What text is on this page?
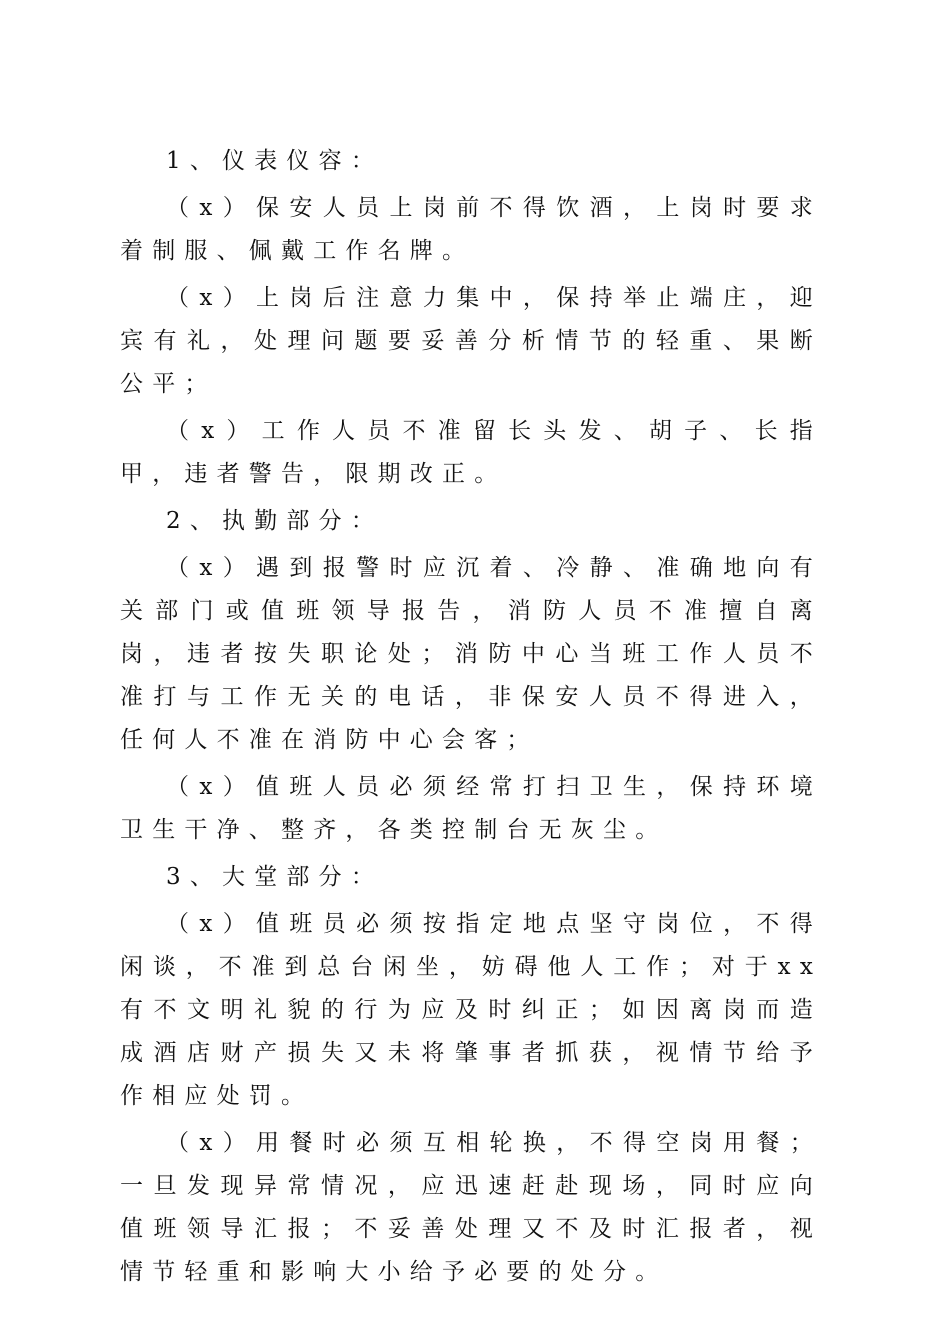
1、仪表仪容：

（x）保安人员上岗前不得饮酒，上岗时要求着制服、佩戴工作名牌。

（x）上岗后注意力集中，保持举止端庄，迎宾有礼，处理问题要妥善分析情节的轻重、果断公平；

（x）工作人员不准留长头发、胡子、长指甲，违者警告，限期改正。

2、执勤部分：

（x）遇到报警时应沉着、冷静、准确地向有关部门或值班领导报告，消防人员不准擅自离岗，违者按失职论处；消防中心当班工作人员不准打与工作无关的电话，非保安人员不得进入，任何人不准在消防中心会客；

（x）值班人员必须经常打扫卫生，保持环境卫生干净、整齐，各类控制台无灰尘。

3、大堂部分：

（x）值班员必须按指定地点坚守岗位，不得闲谈，不准到总台闲坐，妨碍他人工作；对于xx有不文明礼貌的行为应及时纠正；如因离岗而造成酒店财产损失又未将肇事者抓获，视情节给予作相应处罚。

（x）用餐时必须互相轮换，不得空岗用餐；一旦发现异常情况，应迅速赶赴现场，同时应向值班领导汇报；不妥善处理又不及时汇报者，视情节轻重和影响大小给予必要的处分。
